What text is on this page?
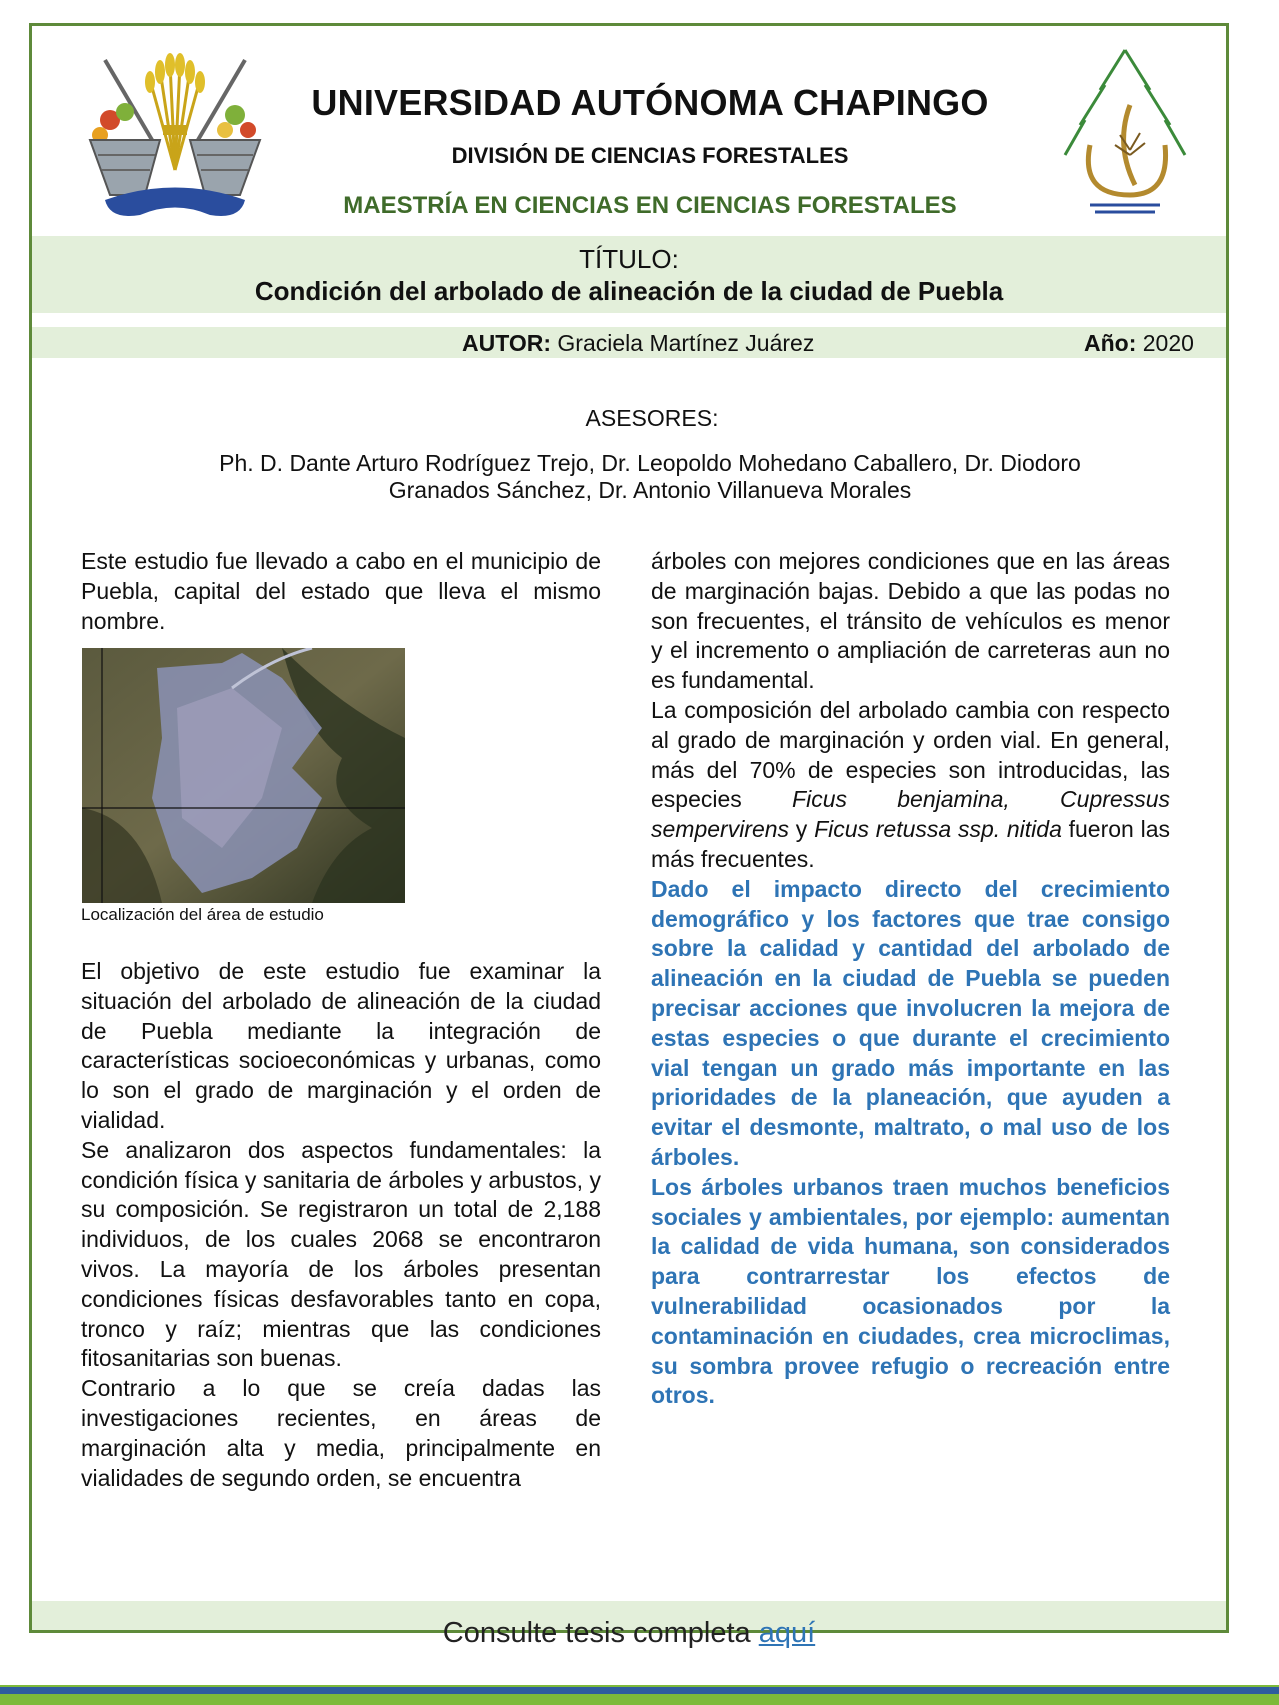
UNIVERSIDAD AUTÓNOMA CHAPINGO
DIVISIÓN DE CIENCIAS FORESTALES
MAESTRÍA EN CIENCIAS EN CIENCIAS FORESTALES
TÍTULO:
Condición del arbolado de alineación de la ciudad de Puebla
AUTOR: Graciela Martínez Juárez	Año: 2020
ASESORES:
Ph. D. Dante Arturo Rodríguez Trejo, Dr. Leopoldo Mohedano Caballero, Dr. Diodoro Granados Sánchez, Dr. Antonio Villanueva Morales

Este estudio fue llevado a cabo en el municipio de Puebla, capital del estado que lleva el mismo nombre.

Localización del área de estudio

El objetivo de este estudio fue examinar la situación del arbolado de alineación de la ciudad de Puebla mediante la integración de características socioeconómicas y urbanas, como lo son el grado de marginación y el orden de vialidad.

Se analizaron dos aspectos fundamentales: la condición física y sanitaria de árboles y arbustos, y su composición. Se registraron un total de 2,188 individuos, de los cuales 2068 se encontraron vivos. La mayoría de los árboles presentan condiciones físicas desfavorables tanto en copa, tronco y raíz; mientras que las condiciones fitosanitarias son buenas.

Contrario a lo que se creía dadas las investigaciones recientes, en áreas de marginación alta y media, principalmente en vialidades de segundo orden, se encuentra

árboles con mejores condiciones que en las áreas de marginación bajas. Debido a que las podas no son frecuentes, el tránsito de vehículos es menor y el incremento o ampliación de carreteras aun no es fundamental.

La composición del arbolado cambia con respecto al grado de marginación y orden vial. En general, más del 70% de especies son introducidas, las especies Ficus benjamina, Cupressus sempervirens y Ficus retussa ssp. nitida fueron las más frecuentes.

Dado el impacto directo del crecimiento demográfico y los factores que trae consigo sobre la calidad y cantidad del arbolado de alineación en la ciudad de Puebla se pueden precisar acciones que involucren la mejora de estas especies o que durante el crecimiento vial tengan un grado más importante en las prioridades de la planeación, que ayuden a evitar el desmonte, maltrato, o mal uso de los árboles.

Los árboles urbanos traen muchos beneficios sociales y ambientales, por ejemplo: aumentan la calidad de vida humana, son considerados para contrarrestar los efectos de vulnerabilidad ocasionados por la contaminación en ciudades, crea microclimas, su sombra provee refugio o recreación entre otros.

Consulte tesis completa aquí
